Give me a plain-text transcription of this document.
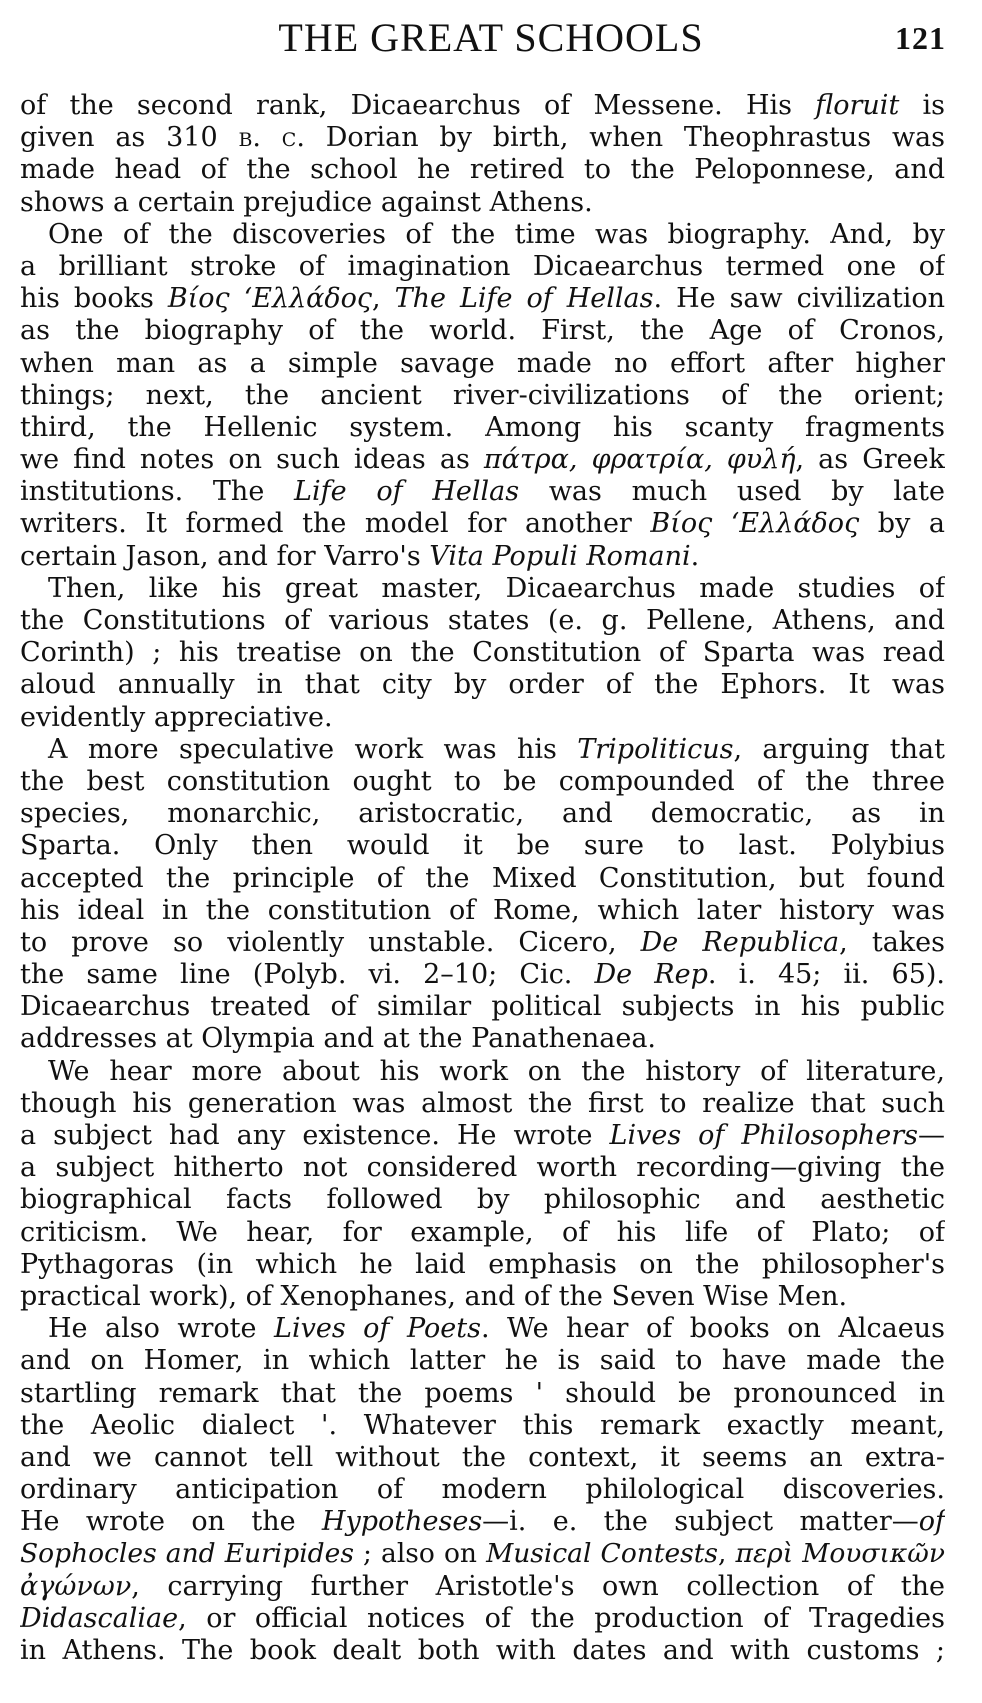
THE GREAT SCHOOLS	121
of the second rank, Dicaearchus of Messene. His floruit is
given as 310 b. c. Dorian by birth, when Theophrastus was
made head of the school he retired to the Peloponnese, and
shows a certain prejudice against Athens.
One of the discoveries of the time was biography. And, by
a brilliant stroke of imagination Dicaearchus termed one of
his books Βίος ʻΕλλάδος, The Life of Hellas. He saw civilization
as the biography of the world. First, the Age of Cronos,
when man as a simple savage made no effort after higher
things; next, the ancient river-civilizations of the orient;
third, the Hellenic system. Among his scanty fragments
we find notes on such ideas as πάτρα, φρατρία, φυλή, as Greek
institutions. The Life of Hellas was much used by late
writers. It formed the model for another Βίος ʻΕλλάδος by a
certain Jason, and for Varro's Vita Populi Romani.
Then, like his great master, Dicaearchus made studies of
the Constitutions of various states (e. g. Pellene, Athens, and
Corinth) ; his treatise on the Constitution of Sparta was read
aloud annually in that city by order of the Ephors. It was
evidently appreciative.
A more speculative work was his Tripoliticus, arguing that
the best constitution ought to be compounded of the three
species, monarchic, aristocratic, and democratic, as in
Sparta. Only then would it be sure to last. Polybius
accepted the principle of the Mixed Constitution, but found
his ideal in the constitution of Rome, which later history was
to prove so violently unstable. Cicero, De Republica, takes
the same line (Polyb. vi. 2–10; Cic. De Rep. i. 45; ii. 65).
Dicaearchus treated of similar political subjects in his public
addresses at Olympia and at the Panathenaea.
We hear more about his work on the history of literature,
though his generation was almost the first to realize that such
a subject had any existence. He wrote Lives of Philosophers—
a subject hitherto not considered worth recording—giving the
biographical facts followed by philosophic and aesthetic
criticism. We hear, for example, of his life of Plato; of
Pythagoras (in which he laid emphasis on the philosopher's
practical work), of Xenophanes, and of the Seven Wise Men.
He also wrote Lives of Poets. We hear of books on Alcaeus
and on Homer, in which latter he is said to have made the
startling remark that the poems ' should be pronounced in
the Aeolic dialect '. Whatever this remark exactly meant,
and we cannot tell without the context, it seems an extra-
ordinary anticipation of modern philological discoveries.
He wrote on the Hypotheses—i. e. the subject matter—of
Sophocles and Euripides ; also on Musical Contests, περὶ Μουσικῶν
ἀγώνων, carrying further Aristotle's own collection of the
Didascaliae, or official notices of the production of Tragedies
in Athens. The book dealt both with dates and with customs ;
